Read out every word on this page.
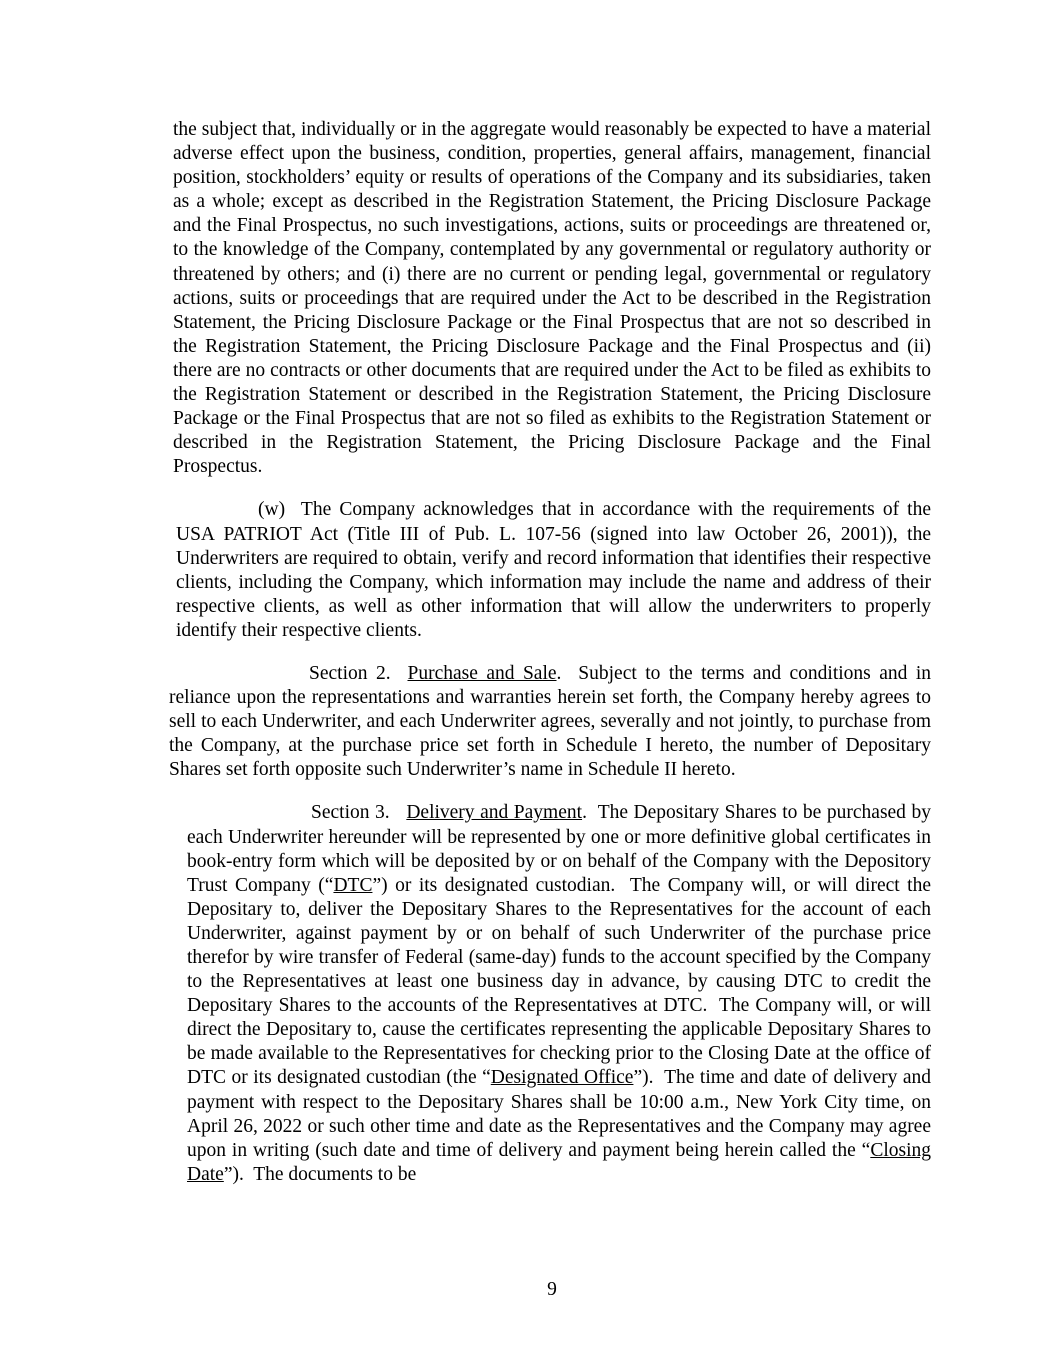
the subject that, individually or in the aggregate would reasonably be expected to have a material adverse effect upon the business, condition, properties, general affairs, management, financial position, stockholders’ equity or results of operations of the Company and its subsidiaries, taken as a whole; except as described in the Registration Statement, the Pricing Disclosure Package and the Final Prospectus, no such investigations, actions, suits or proceedings are threatened or, to the knowledge of the Company, contemplated by any governmental or regulatory authority or threatened by others; and (i) there are no current or pending legal, governmental or regulatory actions, suits or proceedings that are required under the Act to be described in the Registration Statement, the Pricing Disclosure Package or the Final Prospectus that are not so described in the Registration Statement, the Pricing Disclosure Package and the Final Prospectus and (ii) there are no contracts or other documents that are required under the Act to be filed as exhibits to the Registration Statement or described in the Registration Statement, the Pricing Disclosure Package or the Final Prospectus that are not so filed as exhibits to the Registration Statement or described in the Registration Statement, the Pricing Disclosure Package and the Final Prospectus.

(w)  The Company acknowledges that in accordance with the requirements of the USA PATRIOT Act (Title III of Pub. L. 107-56 (signed into law October 26, 2001)), the Underwriters are required to obtain, verify and record information that identifies their respective clients, including the Company, which information may include the name and address of their respective clients, as well as other information that will allow the underwriters to properly identify their respective clients.

Section 2.  Purchase and Sale.  Subject to the terms and conditions and in reliance upon the representations and warranties herein set forth, the Company hereby agrees to sell to each Underwriter, and each Underwriter agrees, severally and not jointly, to purchase from the Company, at the purchase price set forth in Schedule I hereto, the number of Depositary Shares set forth opposite such Underwriter’s name in Schedule II hereto.

Section 3.   Delivery and Payment.  The Depositary Shares to be purchased by each Underwriter hereunder will be represented by one or more definitive global certificates in book-entry form which will be deposited by or on behalf of the Company with the Depository Trust Company (“DTC”) or its designated custodian.  The Company will, or will direct the Depositary to, deliver the Depositary Shares to the Representatives for the account of each Underwriter, against payment by or on behalf of such Underwriter of the purchase price therefor by wire transfer of Federal (same-day) funds to the account specified by the Company to the Representatives at least one business day in advance, by causing DTC to credit the Depositary Shares to the accounts of the Representatives at DTC.  The Company will, or will direct the Depositary to, cause the certificates representing the applicable Depositary Shares to be made available to the Representatives for checking prior to the Closing Date at the office of DTC or its designated custodian (the “Designated Office”).  The time and date of delivery and payment with respect to the Depositary Shares shall be 10:00 a.m., New York City time, on April 26, 2022 or such other time and date as the Representatives and the Company may agree upon in writing (such date and time of delivery and payment being herein called the “Closing Date”).  The documents to be

9
